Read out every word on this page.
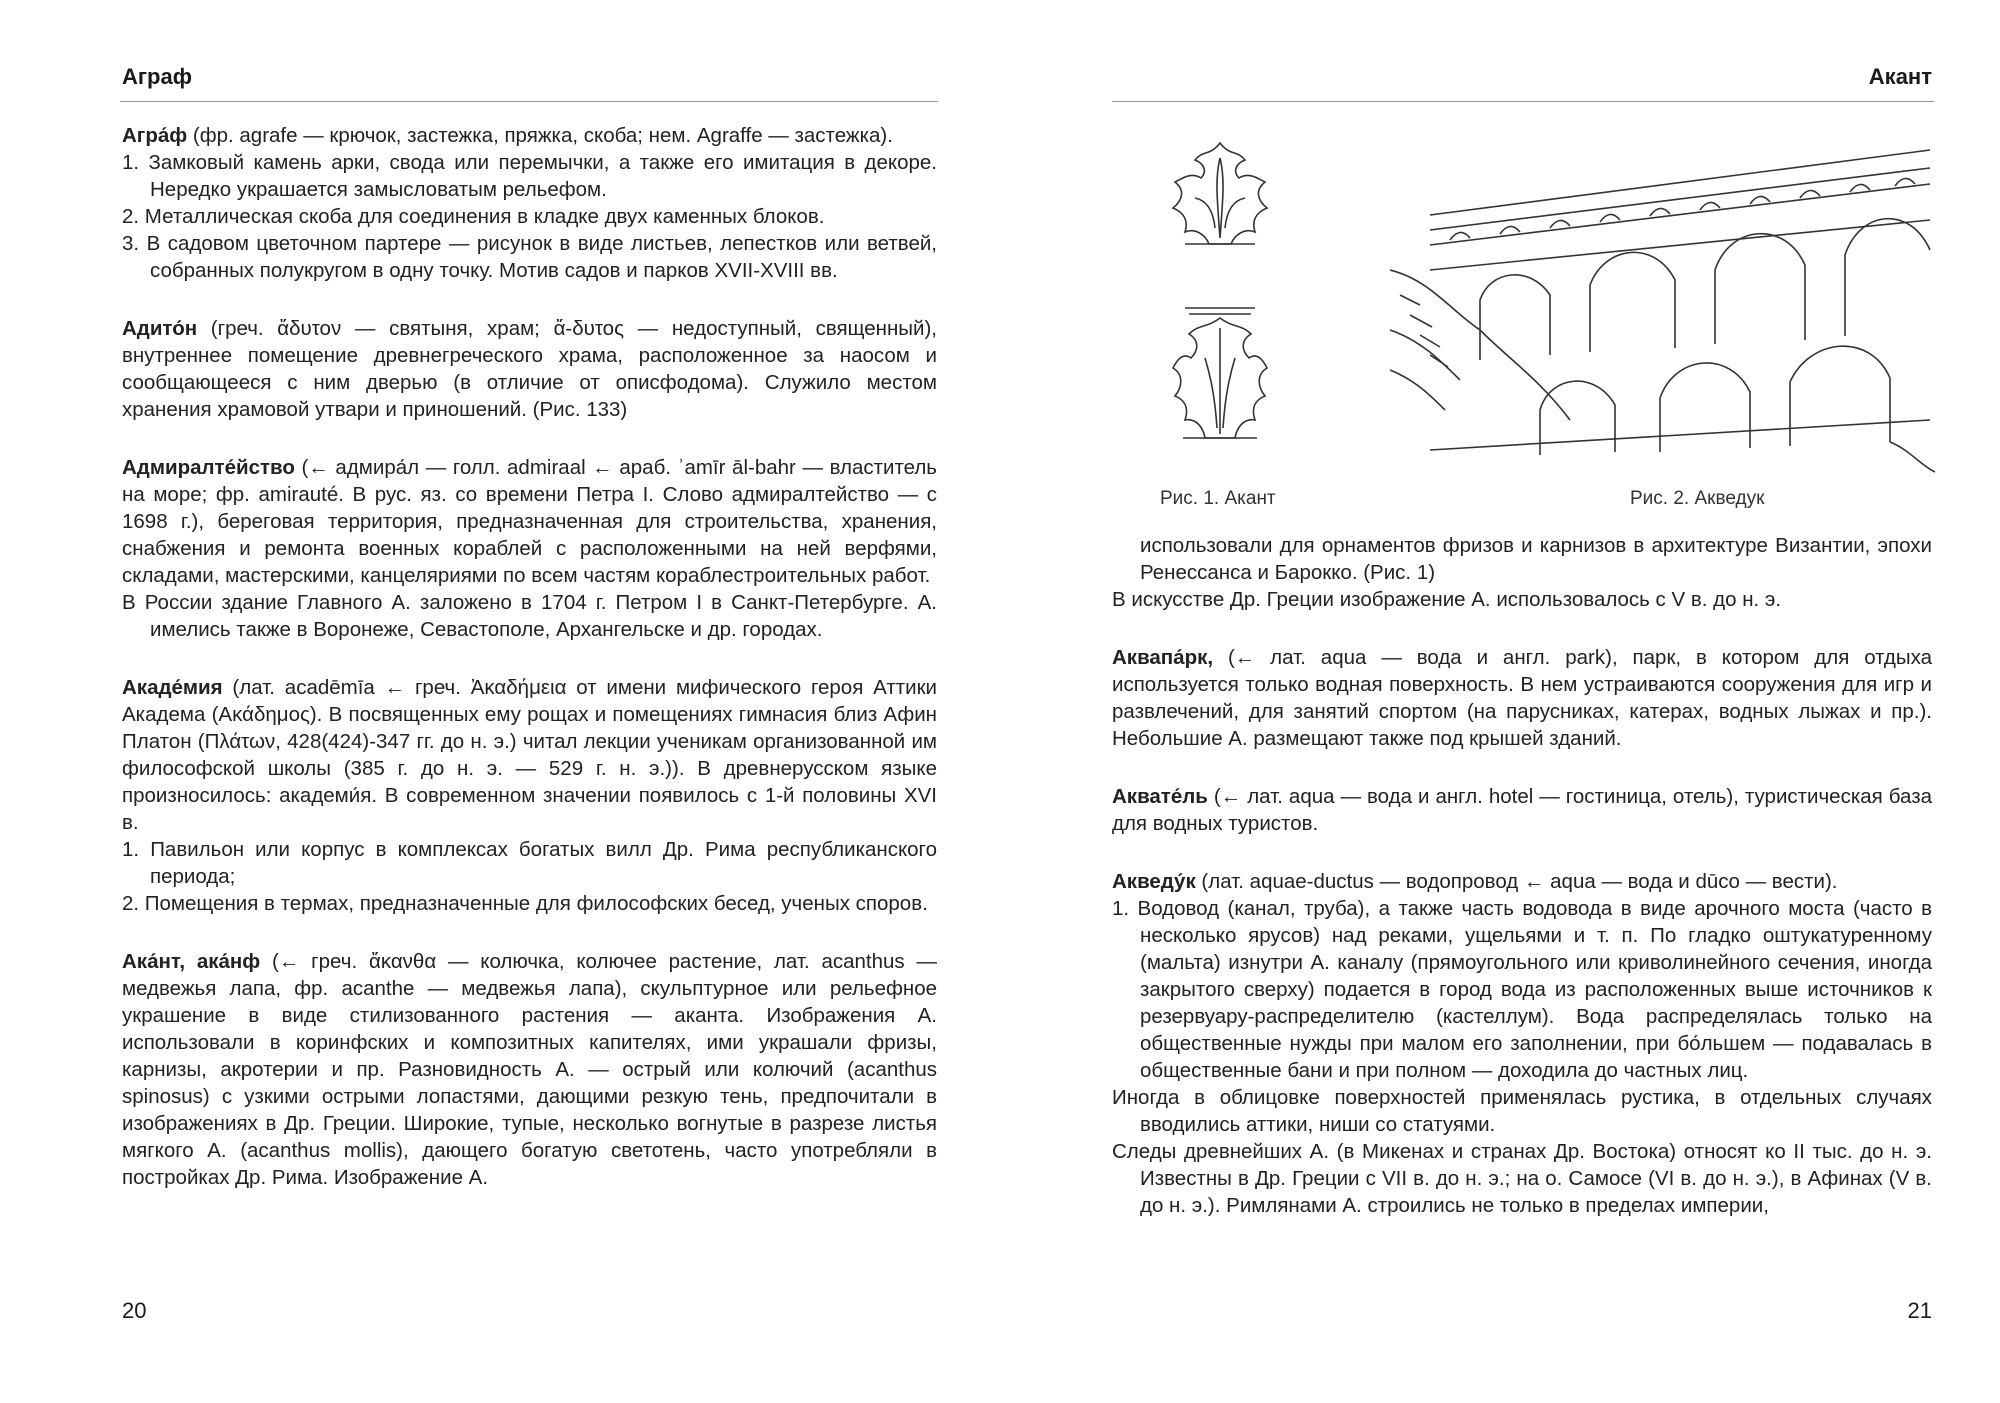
Аграф

Агра́ф (фр. agrafe — крючок, застежка, пряжка, скоба; нем. Agraffe — застежка).

1. Замковый камень арки, свода или перемычки, а также его имитация в декоре. Нередко украшается замысловатым рельефом.

2. Металлическая скоба для соединения в кладке двух каменных блоков.

3. В садовом цветочном партере — рисунок в виде листьев, лепестков или ветвей, собранных полукругом в одну точку. Мотив садов и парков XVII-XVIII вв.

Адито́н (греч. ἄδυτον — святыня, храм; ἄ-δυτος — недоступный, священный), внутреннее помещение древнегреческого храма, расположенное за наосом и сообщающееся с ним дверью (в отличие от описфодома). Служило местом хранения храмовой утвари и приношений. (Рис. 133)

Адмиралте́йство (← адмира́л — голл. admiraal ← араб. ʾamīr āl-bahr — властитель на море; фр. amirauté. В рус. яз. со времени Петра I. Слово адмиралтейство — с 1698 г.), береговая территория, предназначенная для строительства, хранения, снабжения и ремонта военных кораблей с расположенными на ней верфями, складами, мастерскими, канцеляриями по всем частям кораблестроительных работ.

В России здание Главного А. заложено в 1704 г. Петром I в Санкт-Петербурге. А. имелись также в Воронеже, Севастополе, Архангельске и др. городах.

Акаде́мия (лат. acadēmīa ← греч. Ἀκαδήμεια от имени мифического героя Аттики Академа (Ακάδημος). В посвященных ему рощах и помещениях гимнасия близ Афин Платон (Πλάτων, 428(424)-347 гг. до н. э.) читал лекции ученикам организованной им философской школы (385 г. до н. э. — 529 г. н. э.)). В древнерусском языке произносилось: академи́я. В современном значении появилось с 1-й половины XVI в.

1. Павильон или корпус в комплексах богатых вилл Др. Рима республиканского периода;

2. Помещения в термах, предназначенные для философских бесед, ученых споров.

Ака́нт, ака́нф (← греч. ἄκανθα — колючка, колючее растение, лат. acanthus — медвежья лапа, фр. acanthe — медвежья лапа), скульптурное или рельефное украшение в виде стилизованного растения — аканта. Изображения А. использовали в коринфских и композитных капителях, ими украшали фризы, карнизы, акротерии и пр. Разновидность А. — острый или колючий (acanthus spinosus) с узкими острыми лопастями, дающими резкую тень, предпочитали в изображениях в Др. Греции. Широкие, тупые, несколько вогнутые в разрезе листья мягкого А. (acanthus mollis), дающего богатую светотень, часто употребляли в постройках Др. Рима. Изображение А.

20
Акант
Рис. 1. Акант	Рис. 2. Акведук

использовали для орнаментов фризов и карнизов в архитектуре Византии, эпохи Ренессанса и Барокко. (Рис. 1)

В искусстве Др. Греции изображение А. использовалось с V в. до н. э.

Аквапа́рк, (← лат. aqua — вода и англ. park), парк, в котором для отдыха используется только водная поверхность. В нем устраиваются сооружения для игр и развлечений, для занятий спортом (на парусниках, катерах, водных лыжах и пр.). Небольшие А. размещают также под крышей зданий.

Аквате́ль (← лат. aqua — вода и англ. hotel — гостиница, отель), туристическая база для водных туристов.

Акведу́к (лат. aquae-ductus — водопровод ← aqua — вода и dūco — вести).

1. Водовод (канал, труба), а также часть водовода в виде арочного моста (часто в несколько ярусов) над реками, ущельями и т. п. По гладко оштукатуренному (мальта) изнутри А. каналу (прямоугольного или криволинейного сечения, иногда закрытого сверху) подается в город вода из расположенных выше источников к резервуару-распределителю (кастеллум). Вода распределялась только на общественные нужды при малом его заполнении, при бо́льшем — подавалась в общественные бани и при полном — доходила до частных лиц.

Иногда в облицовке поверхностей применялась рустика, в отдельных случаях вводились аттики, ниши со статуями.

Следы древнейших А. (в Микенах и странах Др. Востока) относят ко II тыс. до н. э. Известны в Др. Греции с VII в. до н. э.; на о. Самосе (VI в. до н. э.), в Афинах (V в. до н. э.). Римлянами А. строились не только в пределах империи,

21
